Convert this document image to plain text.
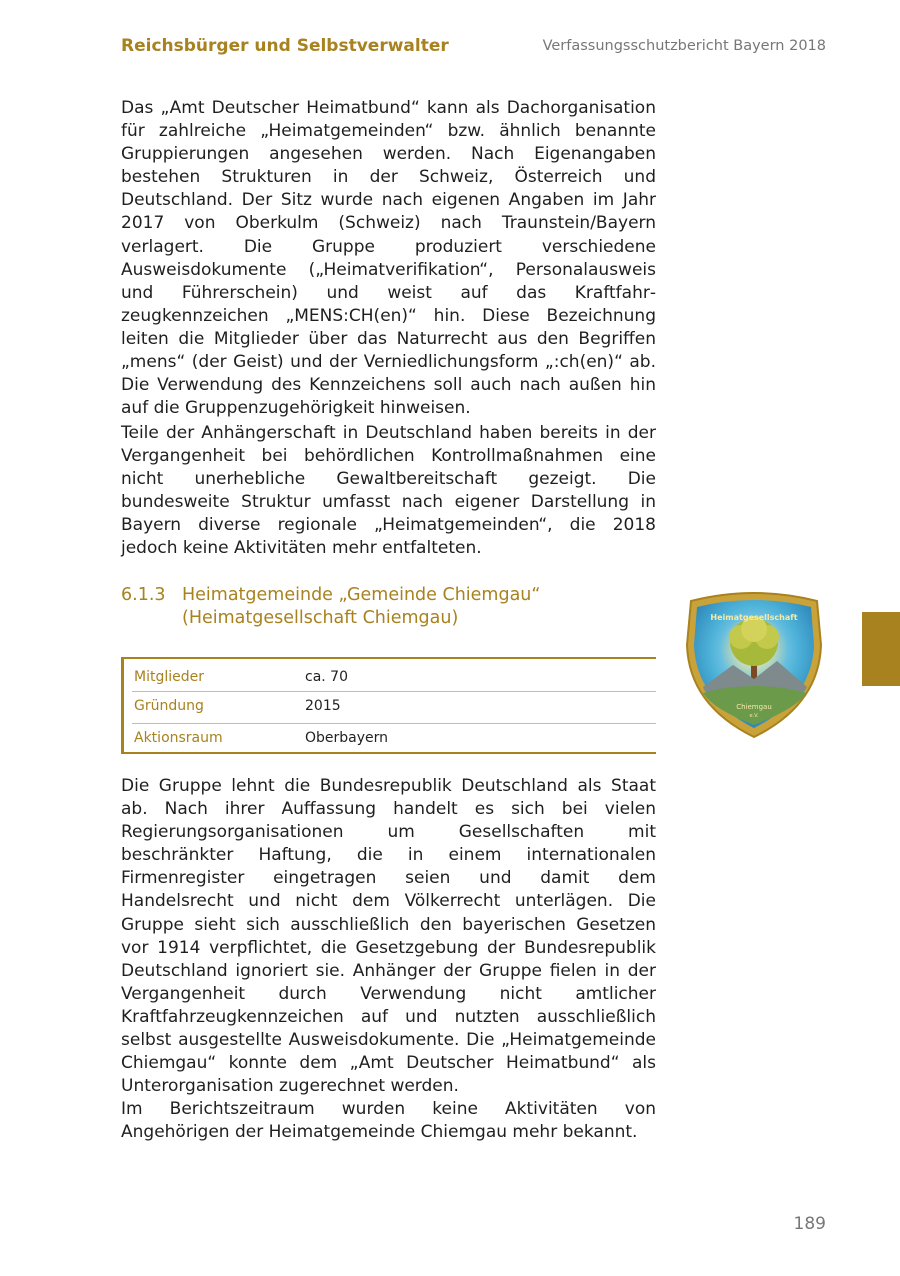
Reichsbürger und Selbstverwalter	Verfassungsschutzbericht Bayern 2018

Das „Amt Deutscher Heimatbund“ kann als Dachorganisation für zahlreiche „Heimatgemeinden“ bzw. ähnlich benannte Gruppierungen angesehen werden. Nach Eigenangaben bestehen Strukturen in der Schweiz, Österreich und Deutschland. Der Sitz wurde nach eigenen Angaben im Jahr 2017 von Oberkulm (Schweiz) nach Traunstein/Bayern verlagert. Die Gruppe produziert verschiedene Ausweisdokumente („Heimatverifikation“, Personalausweis und Führerschein) und weist auf das Kraftfahrzeugkennzeichen „MENS:CH(en)“ hin. Diese Bezeichnung leiten die Mitglieder über das Naturrecht aus den Begriffen „mens“ (der Geist) und der Verniedlichungsform „:ch(en)“ ab. Die Verwendung des Kennzeichens soll auch nach außen hin auf die Gruppenzugehörigkeit hinweisen.

Teile der Anhängerschaft in Deutschland haben bereits in der Vergangenheit bei behördlichen Kontrollmaßnahmen eine nicht unerhebliche Gewaltbereitschaft gezeigt. Die bundesweite Struktur umfasst nach eigener Darstellung in Bayern diverse regionale „Heimatgemeinden“, die 2018 jedoch keine Aktivitäten mehr entfalteten.

6.1.3 Heimatgemeinde „Gemeinde Chiemgau“
(Heimatgesellschaft Chiemgau)
Mitglieder	ca. 70
Gründung	2015
Aktionsraum	Oberbayern

Die Gruppe lehnt die Bundesrepublik Deutschland als Staat ab. Nach ihrer Auffassung handelt es sich bei vielen Regierungsorganisationen um Gesellschaften mit beschränkter Haftung, die in einem internationalen Firmenregister eingetragen seien und damit dem Handelsrecht und nicht dem Völkerrecht unterlägen. Die Gruppe sieht sich ausschließlich den bayerischen Gesetzen vor 1914 verpflichtet, die Gesetzgebung der Bundesrepublik Deutschland ignoriert sie. Anhänger der Gruppe fielen in der Vergangenheit durch Verwendung nicht amtlicher Kraftfahrzeugkennzeichen auf und nutzten ausschließlich selbst ausgestellte Ausweisdokumente. Die „Heimatgemeinde Chiemgau“ konnte dem „Amt Deutscher Heimatbund“ als Unterorganisation zugerechnet werden.

Im Berichtszeitraum wurden keine Aktivitäten von Angehörigen der Heimatgemeinde Chiemgau mehr bekannt.

Heimatgesellschaft
Chiemgau
e.V.
189
